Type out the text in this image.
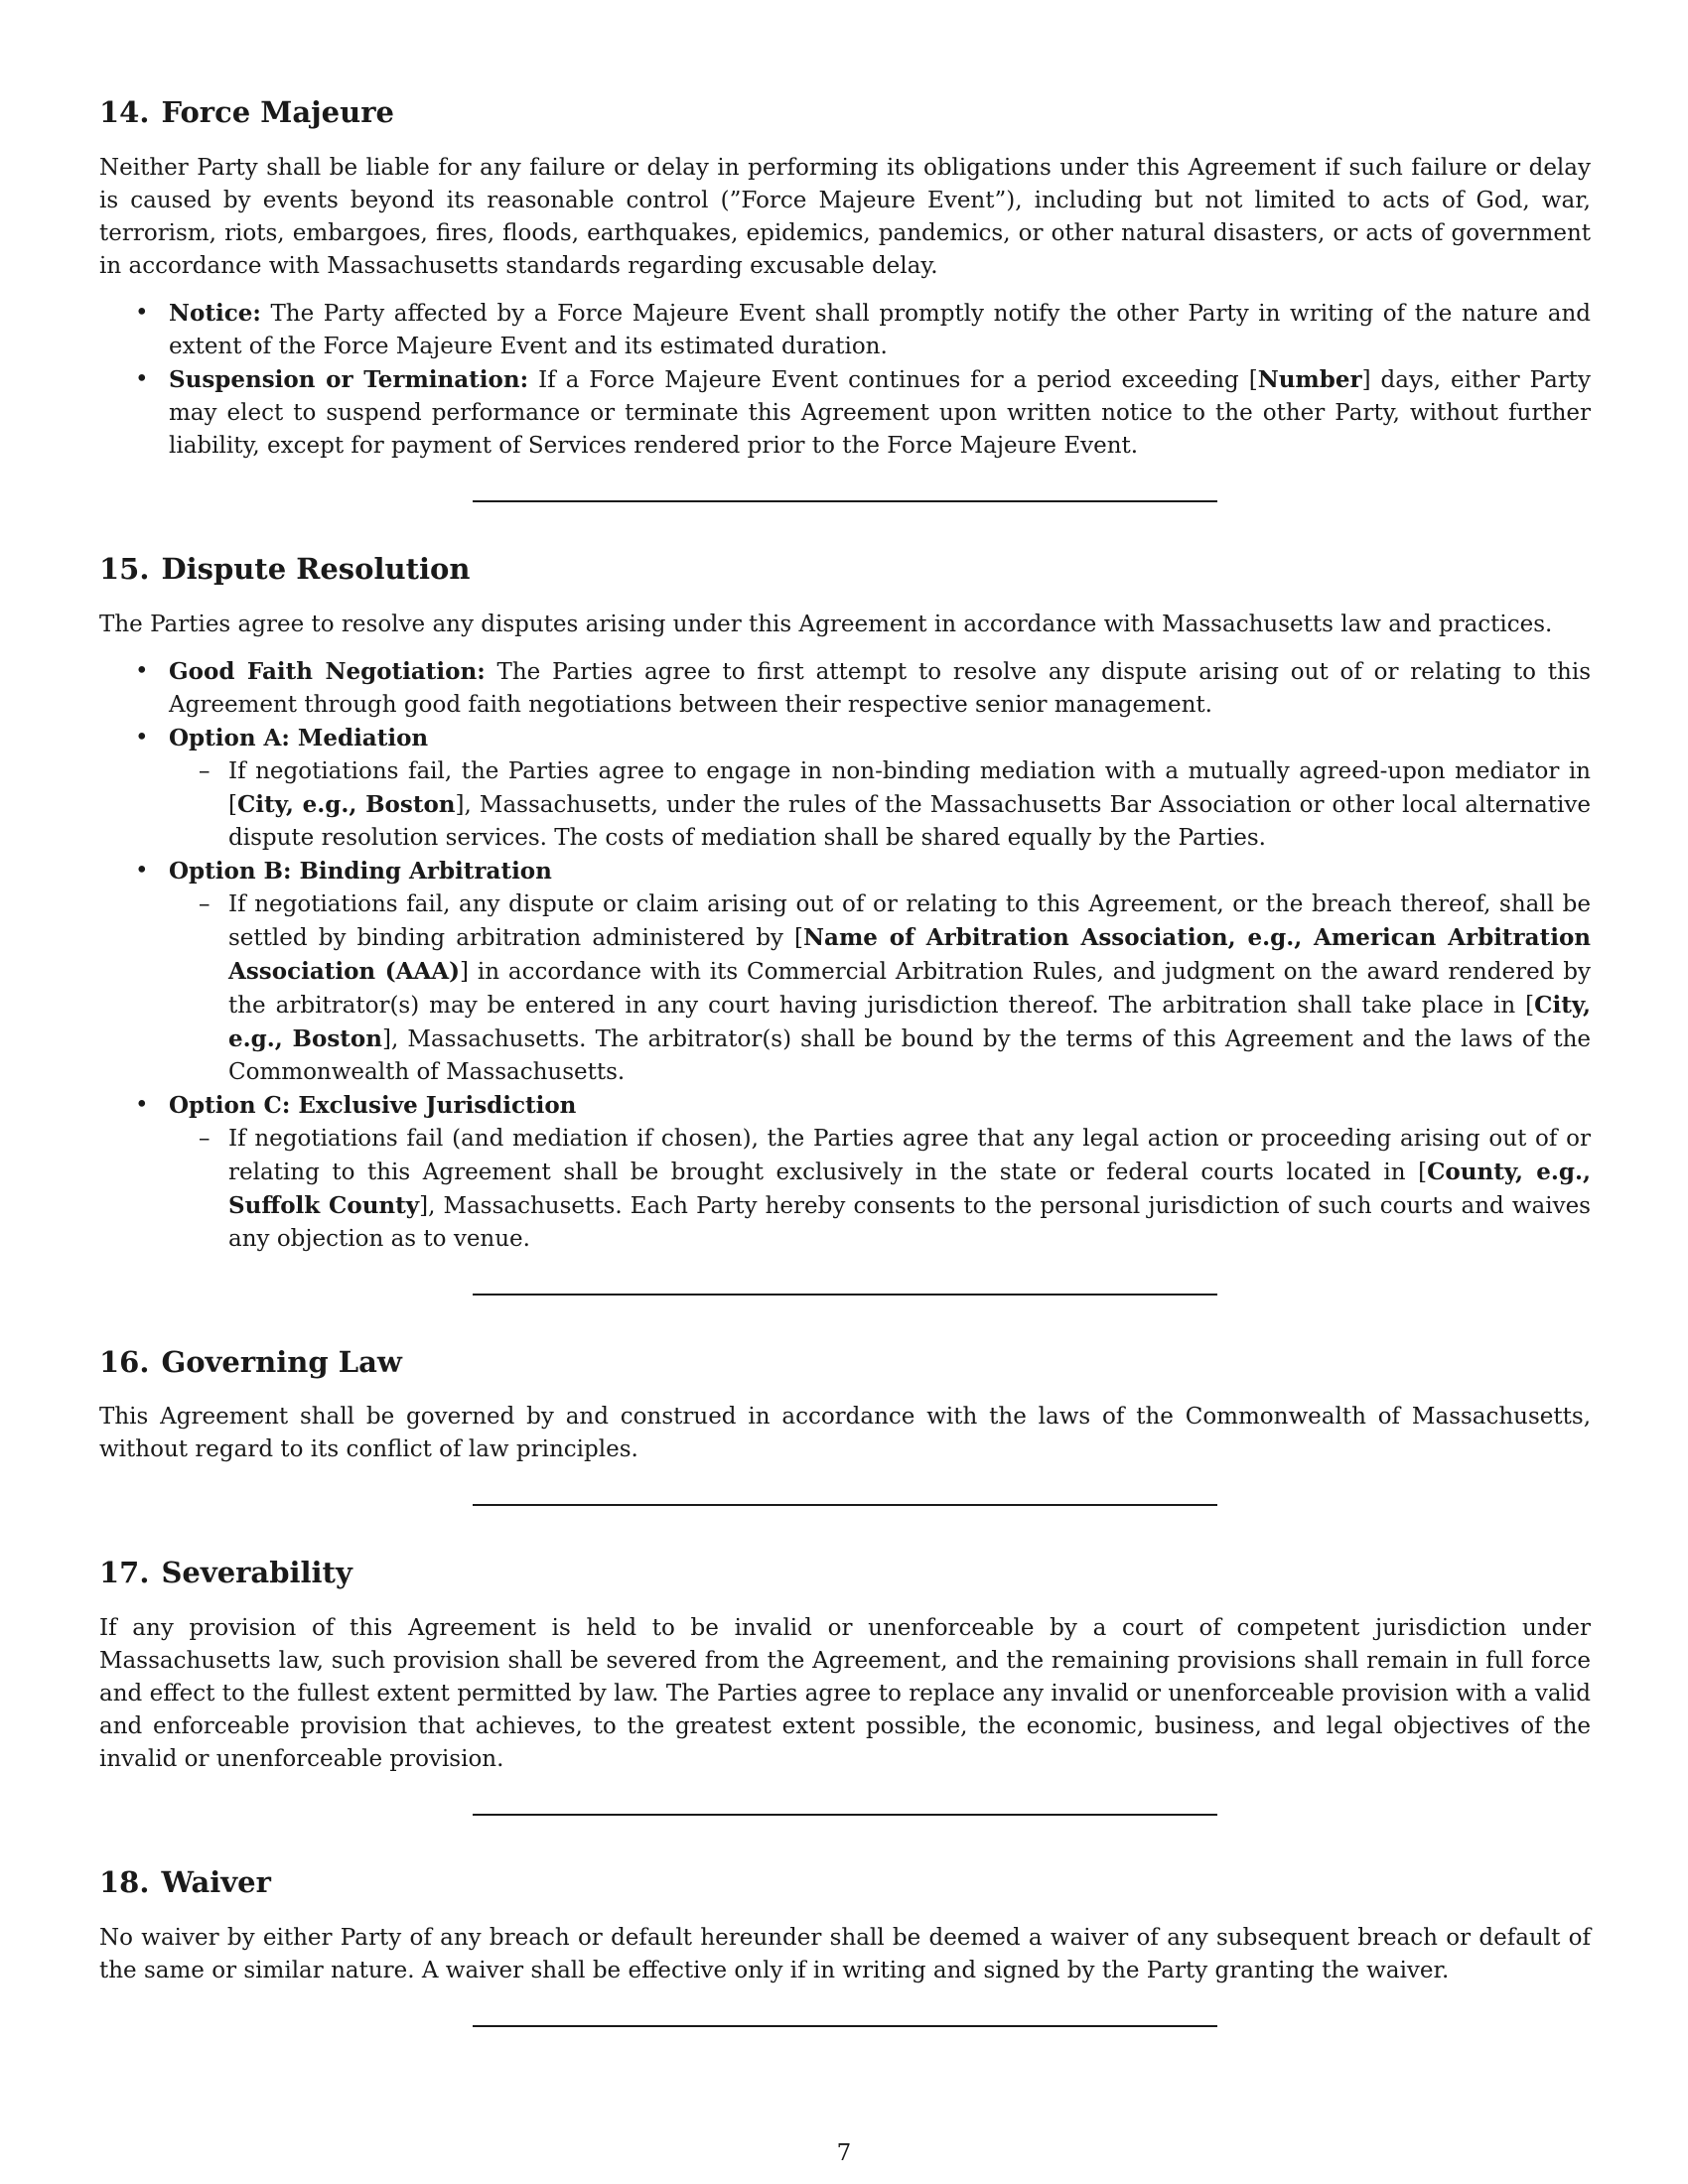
14. Force Majeure

Neither Party shall be liable for any failure or delay in performing its obligations under this Agreement if such failure or delay is caused by events beyond its reasonable control (”Force Majeure Event”), including but not limited to acts of God, war, terrorism, riots, embargoes, fires, floods, earthquakes, epidemics, pandemics, or other natural disasters, or acts of government in accordance with Massachusetts standards regarding excusable delay.

• Notice: The Party affected by a Force Majeure Event shall promptly notify the other Party in writing of the nature and extent of the Force Majeure Event and its estimated duration.
• Suspension or Termination: If a Force Majeure Event continues for a period exceeding [Number] days, either Party may elect to suspend performance or terminate this Agreement upon written notice to the other Party, without further liability, except for payment of Services rendered prior to the Force Majeure Event.
15. Dispute Resolution

The Parties agree to resolve any disputes arising under this Agreement in accordance with Massachusetts law and practices.

• Good Faith Negotiation: The Parties agree to first attempt to resolve any dispute arising out of or relating to this Agreement through good faith negotiations between their respective senior management.
• Option A: Mediation
– If negotiations fail, the Parties agree to engage in non-binding mediation with a mutually agreed-upon mediator in [City, e.g., Boston], Massachusetts, under the rules of the Massachusetts Bar Association or other local alternative dispute resolution services. The costs of mediation shall be shared equally by the Parties.
• Option B: Binding Arbitration
– If negotiations fail, any dispute or claim arising out of or relating to this Agreement, or the breach thereof, shall be settled by binding arbitration administered by [Name of Arbitration Association, e.g., American Arbitration Association (AAA)] in accordance with its Commercial Arbitration Rules, and judgment on the award rendered by the arbitrator(s) may be entered in any court having jurisdiction thereof. The arbitration shall take place in [City, e.g., Boston], Massachusetts. The arbitrator(s) shall be bound by the terms of this Agreement and the laws of the Commonwealth of Massachusetts.
• Option C: Exclusive Jurisdiction
– If negotiations fail (and mediation if chosen), the Parties agree that any legal action or proceeding arising out of or relating to this Agreement shall be brought exclusively in the state or federal courts located in [County, e.g., Suffolk County], Massachusetts. Each Party hereby consents to the personal jurisdiction of such courts and waives any objection as to venue.
16. Governing Law

This Agreement shall be governed by and construed in accordance with the laws of the Commonwealth of Massachusetts, without regard to its conflict of law principles.

17. Severability

If any provision of this Agreement is held to be invalid or unenforceable by a court of competent jurisdiction under Massachusetts law, such provision shall be severed from the Agreement, and the remaining provisions shall remain in full force and effect to the fullest extent permitted by law. The Parties agree to replace any invalid or unenforceable provision with a valid and enforceable provision that achieves, to the greatest extent possible, the economic, business, and legal objectives of the invalid or unenforceable provision.

18. Waiver

No waiver by either Party of any breach or default hereunder shall be deemed a waiver of any subsequent breach or default of the same or similar nature. A waiver shall be effective only if in writing and signed by the Party granting the waiver.

7
